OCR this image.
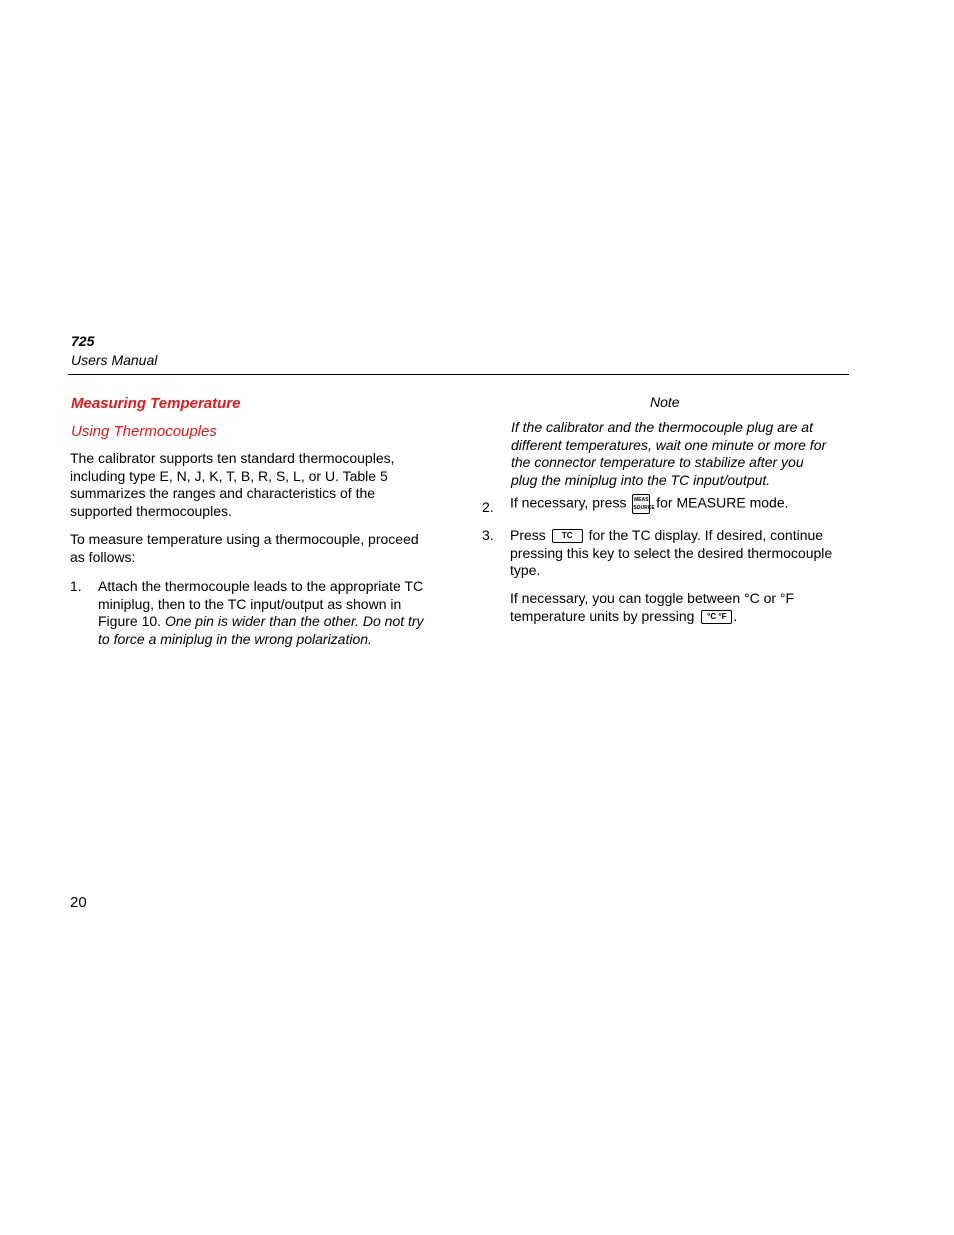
725
Users Manual
Measuring Temperature
Using Thermocouples
The calibrator supports ten standard thermocouples, including type E, N, J, K, T, B, R, S, L, or U. Table 5 summarizes the ranges and characteristics of the supported thermocouples.
To measure temperature using a thermocouple, proceed as follows:
1.	Attach the thermocouple leads to the appropriate TC miniplug, then to the TC input/output as shown in Figure 10. One pin is wider than the other. Do not try to force a miniplug in the wrong polarization.
Note
If the calibrator and the thermocouple plug are at different temperatures, wait one minute or more for the connector temperature to stabilize after you plug the miniplug into the TC input/output.
2.	If necessary, press MEAS
SOURCE
for MEASURE mode.
3.	Press TC for the TC display. If desired, continue pressing this key to select the desired thermocouple type.
If necessary, you can toggle between °C or °F temperature units by pressing °C °F .
20
